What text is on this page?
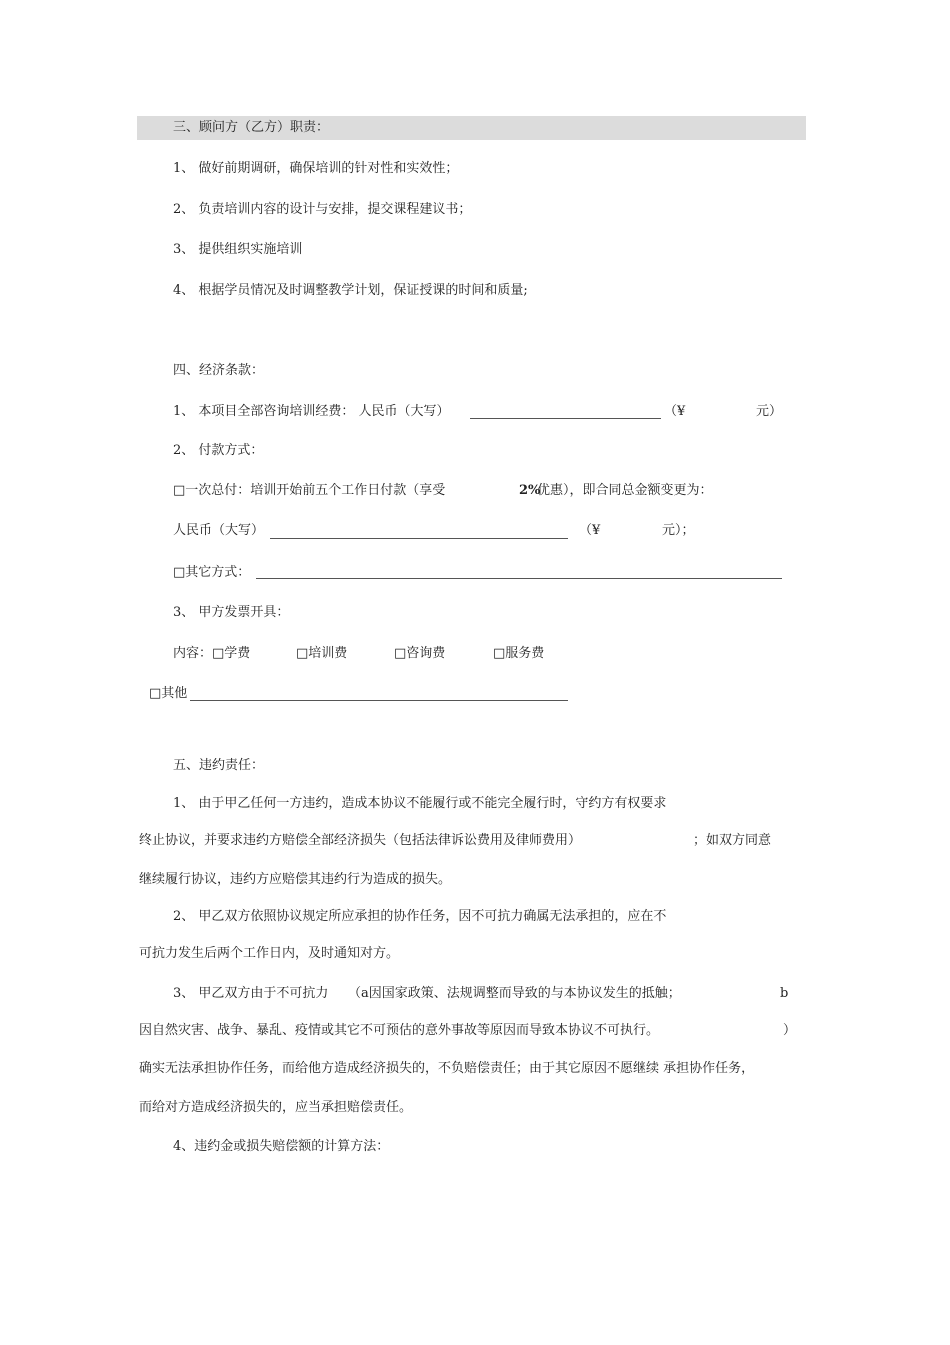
三、顾问方（乙方）职责：
1、 做好前期调研，确保培训的针对性和实效性；
2、 负责培训内容的设计与安排，提交课程建议书；
3、 提供组织实施培训
4、 根据学员情况及时调整教学计划，保证授课的时间和质量;
四、经济条款：
1、 本项目全部咨询培训经费： 人民币（大写）	（¥	元）
2、 付款方式：
□一次总付：培训开始前五个工作日付款（享受	2%
优惠），即合同总金额变更为：
人民币（大写）	（¥	元）；
□其它方式：
3、 甲方发票开具：
内容：□学费	□培训费	□咨询费	□服务费
□其他
五、违约责任：
1、 由于甲乙任何一方违约，造成本协议不能履行或不能完全履行时，守约方有权要求
终止协议，并要求违约方赔偿全部经济损失（包括法律诉讼费用及律师费用）	；如双方同意
继续履行协议，违约方应赔偿其违约行为造成的损失。
2、 甲乙双方依照协议规定所应承担的协作任务，因不可抗力确属无法承担的，应在不
可抗力发生后两个工作日内，及时通知对方。
3、 甲乙双方由于不可抗力 （a因国家政策、法规调整而导致的与本协议发生的抵触；	b
因自然灾害、战争、暴乱、疫情或其它不可预估的意外事故等原因而导致本协议不可执行。	）
确实无法承担协作任务，而给他方造成经济损失的，不负赔偿责任；由于其它原因不愿继续 承担协作任务，
而给对方造成经济损失的，应当承担赔偿责任。
4、违约金或损失赔偿额的计算方法：
